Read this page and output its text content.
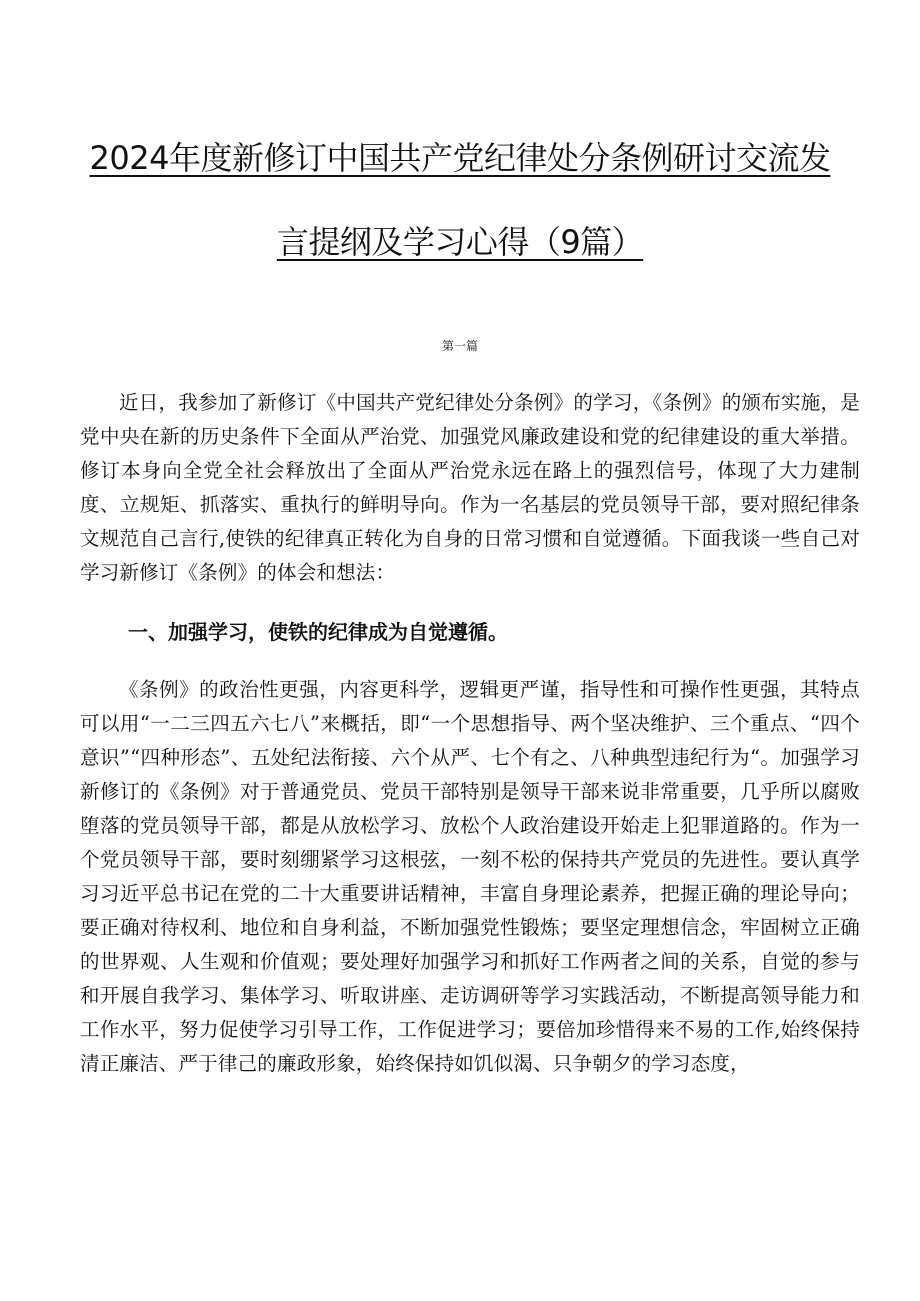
2024年度新修订中国共产党纪律处分条例研讨交流发
言提纲及学习心得（9篇）
第一篇

近日，我参加了新修订《中国共产党纪律处分条例》的学习，《条例》的颁布实施，是党中央在新的历史条件下全面从严治党、加强党风廉政建设和党的纪律建设的重大举措。修订本身向全党全社会释放出了全面从严治党永远在路上的强烈信号，体现了大力建制度、立规矩、抓落实、重执行的鲜明导向。作为一名基层的党员领导干部，要对照纪律条文规范自己言行,使铁的纪律真正转化为自身的日常习惯和自觉遵循。下面我谈一些自己对学习新修订《条例》的体会和想法：

一、加强学习，使铁的纪律成为自觉遵循。

《条例》的政治性更强，内容更科学，逻辑更严谨，指导性和可操作性更强，其特点可以用“一二三四五六七八”来概括，即“一个思想指导、两个坚决维护、三个重点、“四个意识”“四种形态”、五处纪法衔接、六个从严、七个有之、八种典型违纪行为“。加强学习新修订的《条例》对于普通党员、党员干部特别是领导干部来说非常重要，几乎所以腐败堕落的党员领导干部，都是从放松学习、放松个人政治建设开始走上犯罪道路的。作为一个党员领导干部，要时刻绷紧学习这根弦，一刻不松的保持共产党员的先进性。要认真学习习近平总书记在党的二十大重要讲话精神，丰富自身理论素养，把握正确的理论导向；要正确对待权利、地位和自身利益，不断加强党性锻炼；要坚定理想信念，牢固树立正确的世界观、人生观和价值观；要处理好加强学习和抓好工作两者之间的关系，自觉的参与和开展自我学习、集体学习、听取讲座、走访调研等学习实践活动，不断提高领导能力和工作水平，努力促使学习引导工作，工作促进学习；要倍加珍惜得来不易的工作,始终保持清正廉洁、严于律己的廉政形象，始终保持如饥似渴、只争朝夕的学习态度，
